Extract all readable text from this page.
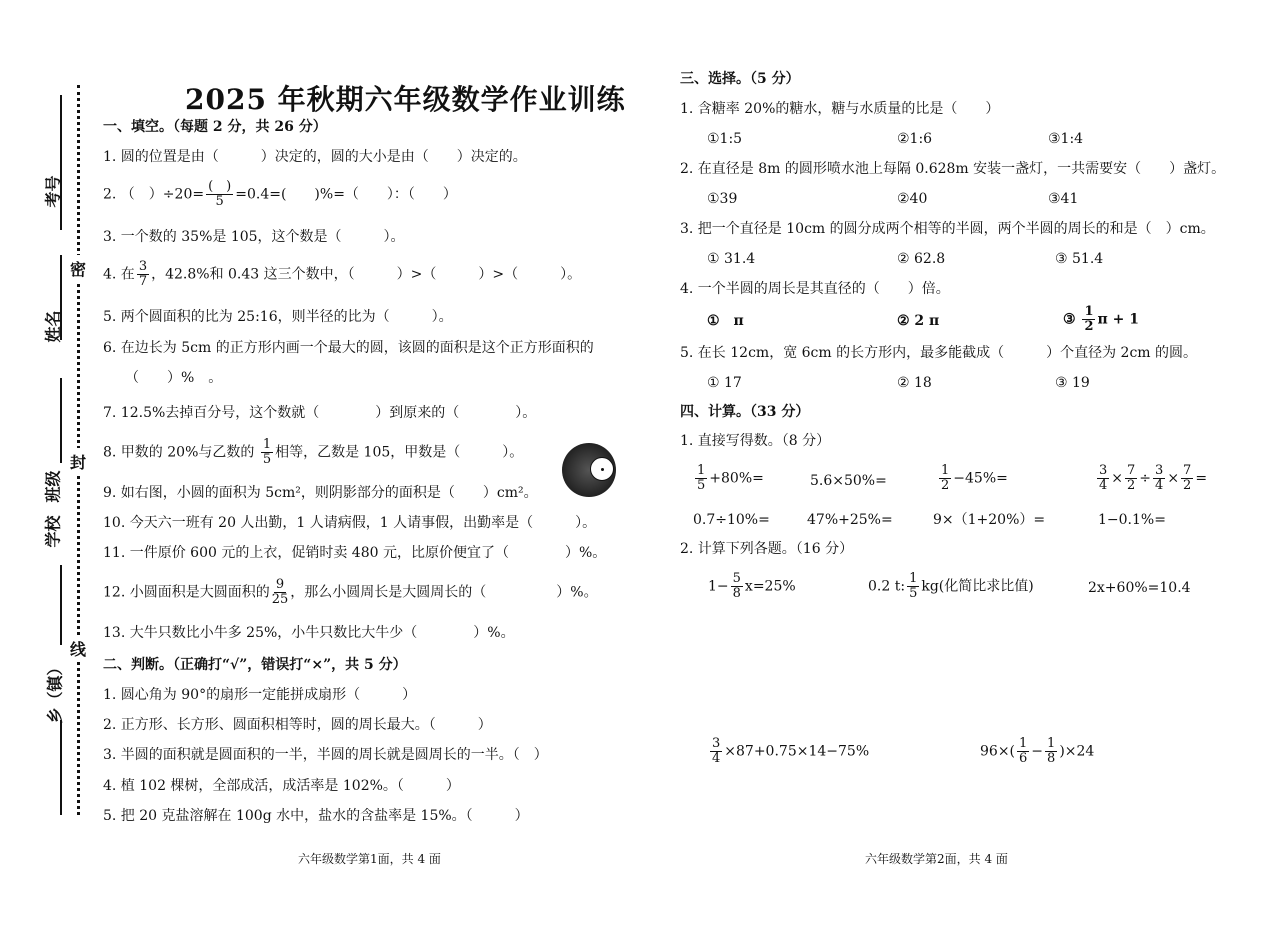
考号
姓名
班级
学校
乡（镇）
密
封
线
2025 年秋期六年级数学作业训练
一、填空。（每题 2 分，共 26 分）
1. 圆的位置是由（　　　）决定的，圆的大小是由（　　）决定的。
2. （　）$\div 20= \frac{( )}{5} =0.4=$(　　)%=（　　）：（　　）
3. 一个数的 35%是 105，这个数是（　　　）。
4. 在 $\frac{3}{7}$ ，42.8%和 0.43 这三个数中，（　　　）>（　　　）>（　　　）。
5. 两个圆面积的比为 25:16，则半径的比为（　　　）。
6. 在边长为 5cm 的正方形内画一个最大的圆，该圆的面积是这个正方形面积的
（　　）%　。
7. 12.5%去掉百分号，这个数就（　　　　）到原来的（　　　　）。
8. 甲数的 20%与乙数的 $\frac{1}{5}$ 相等，乙数是 105，甲数是（　　　）。
9. 如右图，小圆的面积为 5cm²，则阴影部分的面积是（　　）cm²。
10. 今天六一班有 20 人出勤，1 人请病假，1 人请事假，出勤率是（　　　）。
11. 一件原价 600 元的上衣，促销时卖 480 元，比原价便宜了（　　　　）%。
12. 小圆面积是大圆面积的 $\frac{9}{25}$ ，那么小圆周长是大圆周长的（　　　　　）%。
13. 大牛只数比小牛多 25%，小牛只数比大牛少（　　　　）%。
二、判断。（正确打“√”，错误打“×”，共 5 分）
1. 圆心角为 90°的扇形一定能拼成扇形（　　　）
2. 正方形、长方形、圆面积相等时，圆的周长最大。（　　　）
3. 半圆的面积就是圆面积的一半，半圆的周长就是圆周长的一半。（　）
4. 植 102 棵树，全部成活，成活率是 102%。（　　　）
5. 把 20 克盐溶解在 100g 水中，盐水的含盐率是 15%。（　　　）
六年级数学第1面，共 4 面
三、选择。（5 分）
1. 含糖率 20%的糖水，糖与水质量的比是（　　）
①1:5	②1:6	③1:4
2. 在直径是 8m 的圆形喷水池上每隔 0.628m 安装一盏灯，一共需要安（　　）盏灯。
①39	②40	③41
3. 把一个直径是 10cm 的圆分成两个相等的半圆，两个半圆的周长的和是（　）cm。
① 31.4	② 62.8	③ 51.4
4. 一个半圆的周长是其直径的（　　）倍。
①　π	② 2 π	③ $\frac{1}{2}$ π + 1
5. 在长 12cm，宽 6cm 的长方形内，最多能截成（　　　）个直径为 2cm 的圆。
① 17	② 18	③ 19
四、计算。（33 分）
1. 直接写得数。（8 分）
$\frac{1}{5} +80\%=$	5.6×50%=	$\frac{1}{2} -45\%=$	$\frac{3}{4} \times \frac{7}{2} \div \frac{3}{4} \times \frac{7}{2}$ =
0.7÷10%=	47%+25%=	9×（1+20%）=	1−0.1%=
2. 计算下列各题。（16 分）
$1- \frac{5}{8} x=25\%$	0.2 t: $\frac{1}{5} kg$(化简比求比值)	2x+60%=10.4
$\frac{3}{4} \times 87+0.75\times 14-75\%$	$96\times( \frac{1}{6} - \frac{1}{8} )\times 24$
六年级数学第2面，共 4 面
